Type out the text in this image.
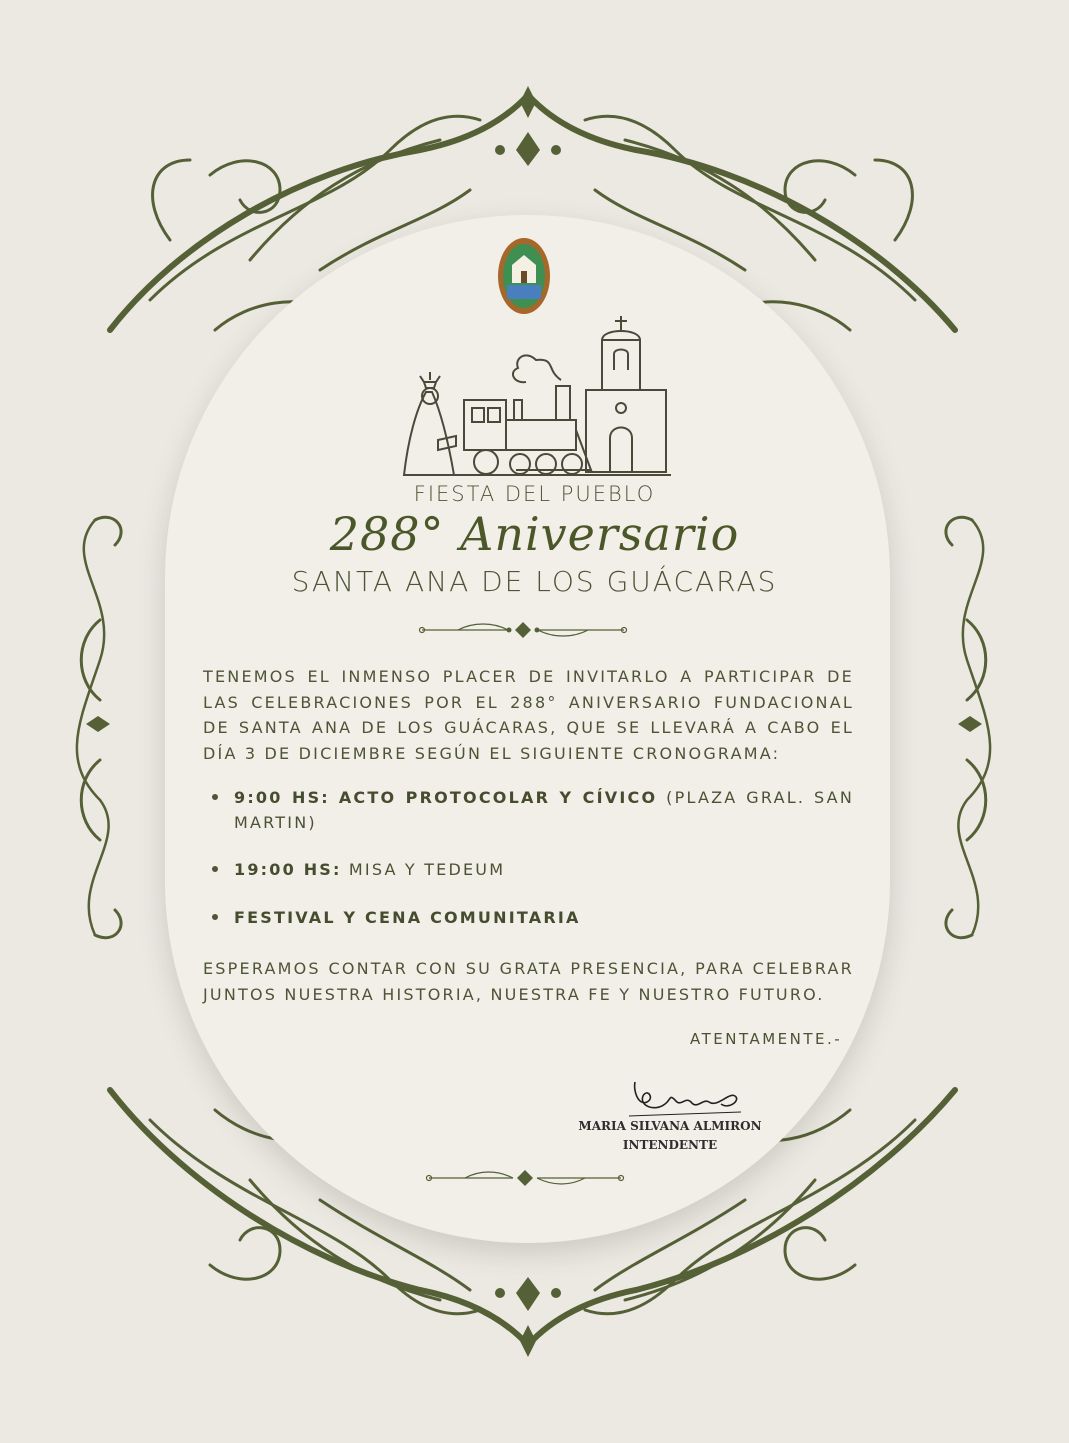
FIESTA DEL PUEBLO
288° Aniversario
SANTA ANA DE LOS GUÁCARAS
TENEMOS EL INMENSO PLACER DE INVITARLO A PARTICIPAR DE LAS CELEBRACIONES POR EL 288° ANIVERSARIO FUNDACIONAL DE SANTA ANA DE LOS GUÁCARAS, QUE SE LLEVARÁ A CABO EL DÍA 3 DE DICIEMBRE SEGÚN EL SIGUIENTE CRONOGRAMA:
9:00 HS: ACTO PROTOCOLAR Y CÍVICO (PLAZA GRAL. SAN MARTIN)
19:00 HS: MISA Y TEDEUM
FESTIVAL Y CENA COMUNITARIA
ESPERAMOS CONTAR CON SU GRATA PRESENCIA, PARA CELEBRAR JUNTOS NUESTRA HISTORIA, NUESTRA FE Y NUESTRO FUTURO.
ATENTAMENTE.-
MARIA SILVANA ALMIRON
INTENDENTE
